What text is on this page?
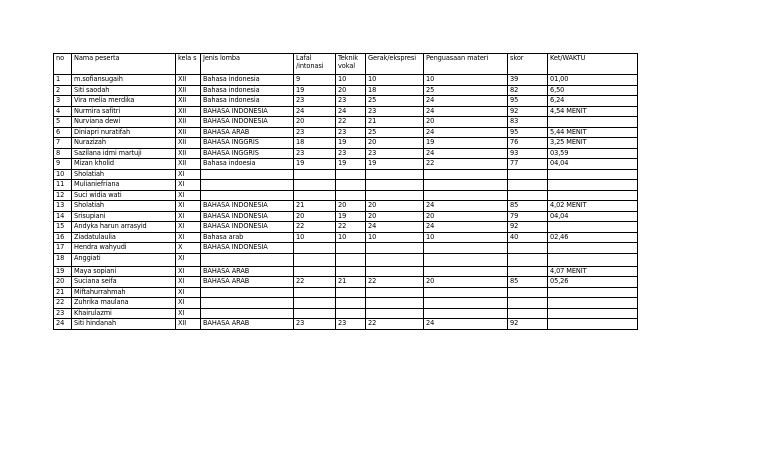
no	Nama peserta	kela s	Jenis lomba	Lafal /intonasi	Teknik vokal	Gerak/ekspresi	Penguasaan materi	skor	Ket/WAKTU
1	m.sofiansugaih	XII	Bahasa indonesia	9	10	10	10	39	01,00
2	Siti saodah	XII	Bahasa indonesia	19	20	18	25	82	6,50
3	Vira melia merdika	XII	Bahasa indonesia	23	23	25	24	95	6,24
4	Nurmira safitri	XII	BAHASA INDONESIA	24	24	23	24	92	4,54 MENIT
5	Nurviana dewi	XII	BAHASA INDONESIA	20	22	21	20	83	
6	Diniapri nuratifah	XII	BAHASA ARAB	23	23	25	24	95	5,44 MENIT
7	Nurazizah	XII	BAHASA INGGRIS	18	19	20	19	76	3,25 MENIT
8	Sazilana idmi martuji	XII	BAHASA INGGRIS	23	23	23	24	93	03,59
9	Mizan kholid	XII	Bahasa indoesia	19	19	19	22	77	04,04
10	Sholatiah	XI							
11	Mulianiefriana	XI							
12	Suci widia wati	XI							
13	Sholatiah	XI	BAHASA INDONESIA	21	20	20	24	85	4,02 MENIT
14	Srisupiani	XI	BAHASA INDONESIA	20	19	20	20	79	04,04
15	Andyka harun arrasyid	XI	BAHASA INDONESIA	22	22	24	24	92	
16	Ziadatulaulia	XI	Bahasa arab	10	10	10	10	40	02,46
17	Hendra wahyudi	X	BAHASA INDONESIA						
18	Anggiati	XI							
19	Maya sopiani	XI	BAHASA ARAB						4,07 MENIT
20	Suciana seifa	XI	BAHASA ARAB	22	21	22	20	85	05,26
21	Miftahurrahmah	XI							
22	Zuhrika maulana	XI							
23	Khairulazmi	XI							
24	Siti hindanah	XII	BAHASA ARAB	23	23	22	24	92	
